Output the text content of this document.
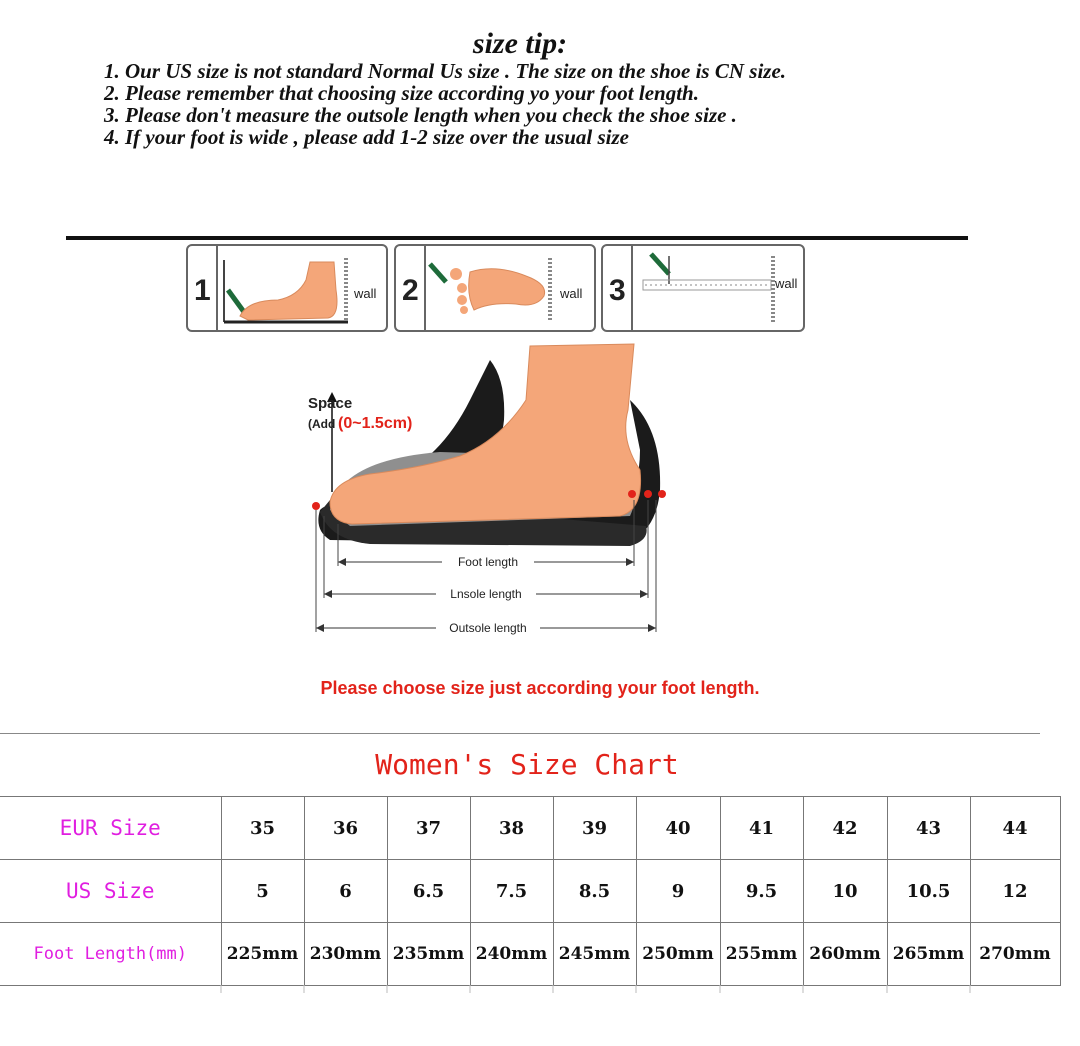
size tip:

1. Our US size is not standard Normal Us size . The size on the shoe is CN size.
2. Please remember that choosing size according yo your foot length.
3. Please don't measure the outsole length when you check the shoe size .
4. If your foot is wide , please add 1-2 size over the usual size
1	wall 2	wall 3	wall
Space
(Add (0~1.5cm)
Foot length
Lnsole length
Outsole length
Please choose size just according your foot length.
Women's Size Chart
EUR Size	35	36	37	38	39	40	41	42	43	44
US Size	5	6	6.5	7.5	8.5	9	9.5	10	10.5	12
Foot Length(mm)	225mm	230mm	235mm	240mm	245mm	250mm	255mm	260mm	265mm	270mm
